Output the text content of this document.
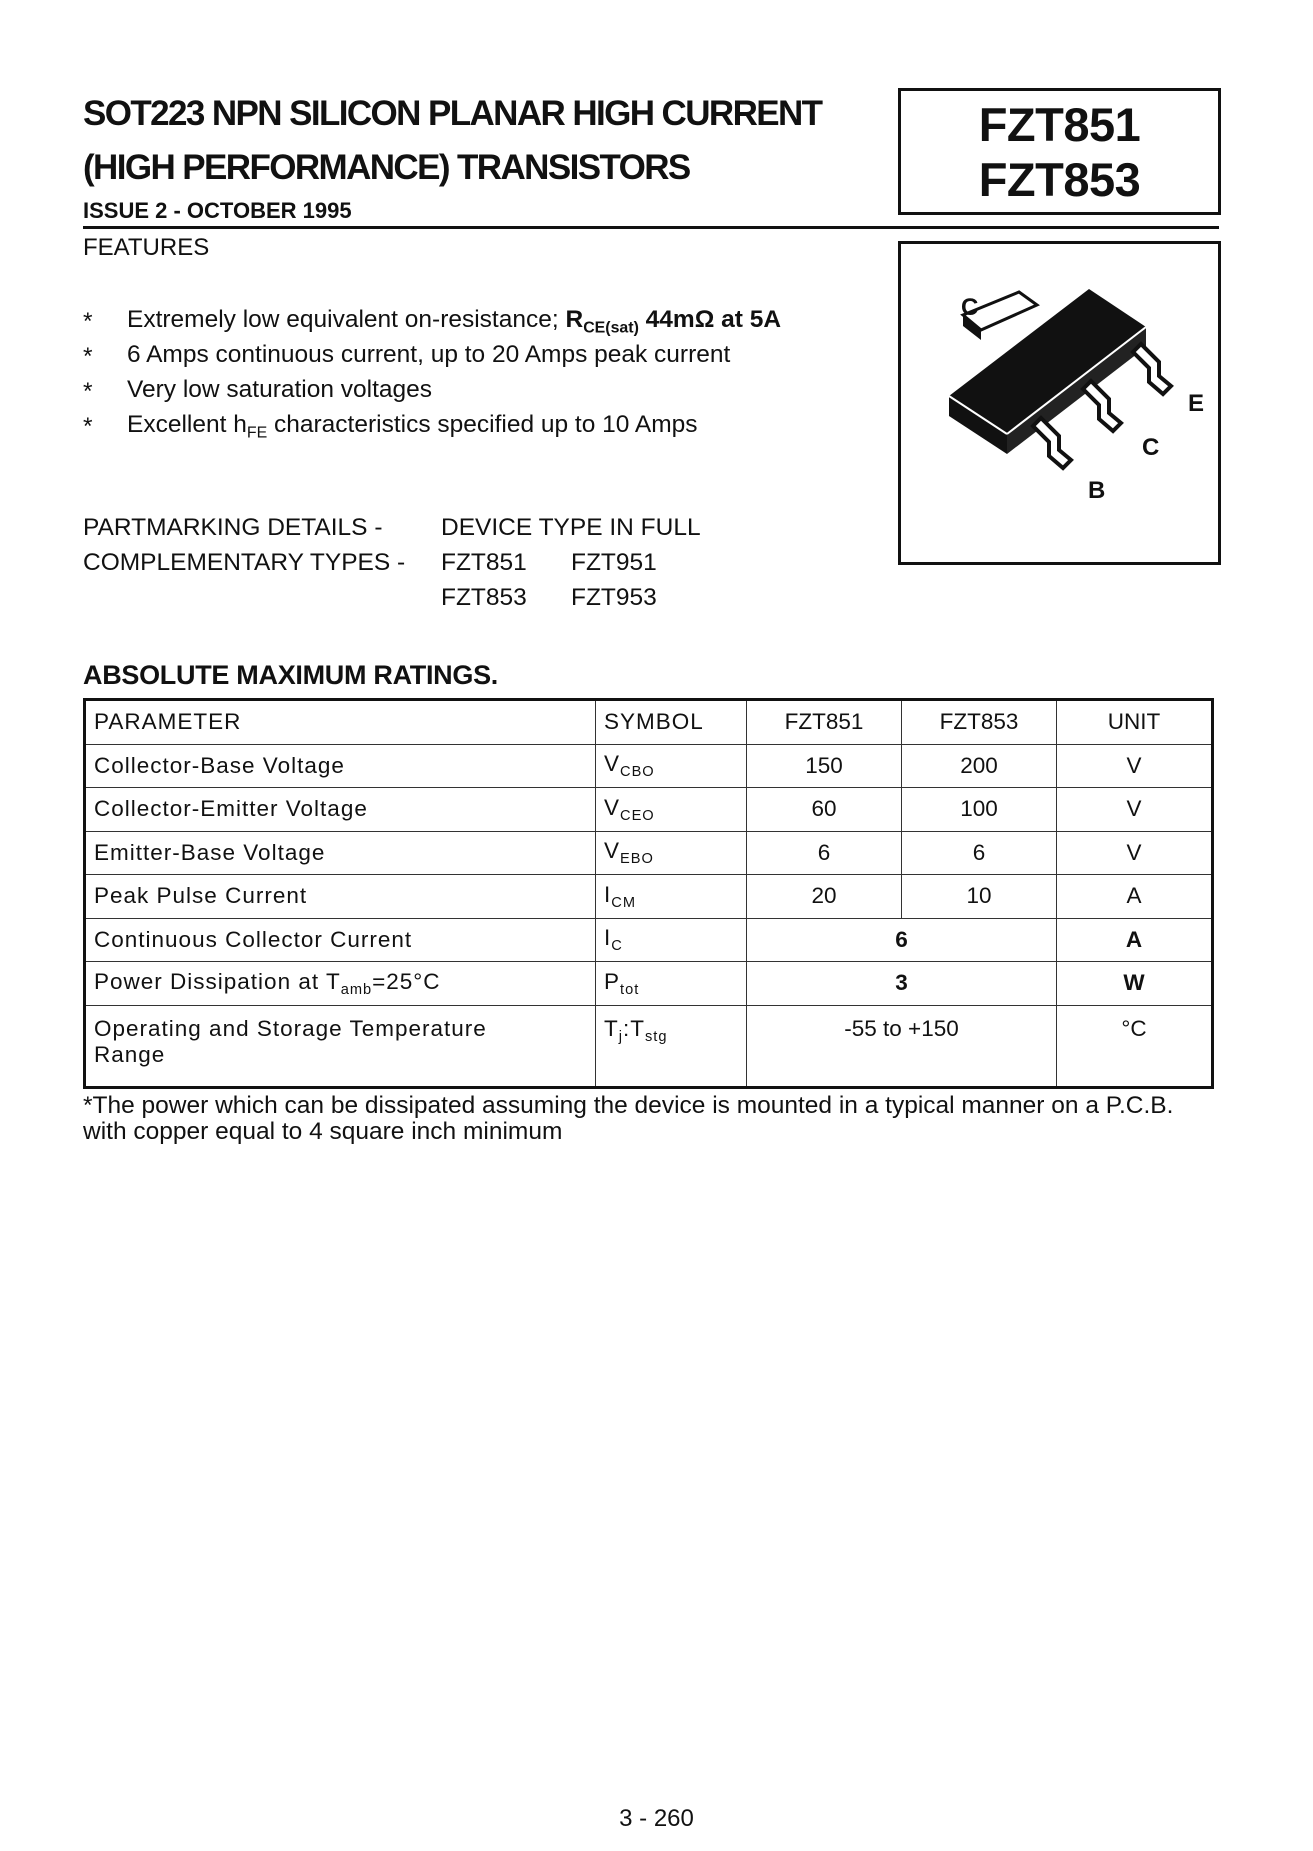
SOT223 NPN SILICON PLANAR HIGH CURRENT
(HIGH PERFORMANCE) TRANSISTORS
ISSUE 2 - OCTOBER 1995
FZT851
FZT853
FEATURES
C
E
C
B
* Extremely low equivalent on-resistance; $R_{CE(sat)}$ 44mΩ at 5A
* 6 Amps continuous current, up to 20 Amps peak current
* Very low saturation voltages
* Excellent $h_{FE}$ characteristics specified up to 10 Amps
PARTMARKING DETAILS - DEVICE TYPE IN FULL
COMPLEMENTARY TYPES - FZT851 FZT951
FZT853 FZT953
ABSOLUTE MAXIMUM RATINGS.
PARAMETER	SYMBOL	FZT851	FZT853	UNIT
Collector-Base Voltage	$V_{CBO}$	150	200	V
Collector-Emitter Voltage	$V_{CEO}$	60	100	V
Emitter-Base Voltage	$V_{EBO}$	6	6	V
Peak Pulse Current	$I_{CM}$	20	10	A
Continuous Collector Current	$I_C$	6		A
Power Dissipation at $T_{amb}=25^\circ C$	$P_{tot}$	3		W
Operating and Storage Temperature
Range	$T_j:T_{stg}$	-55 to +150		°C
*The power which can be dissipated assuming the device is mounted in a typical manner on a P.C.B. with copper equal to 4 square inch minimum
3 - 260
